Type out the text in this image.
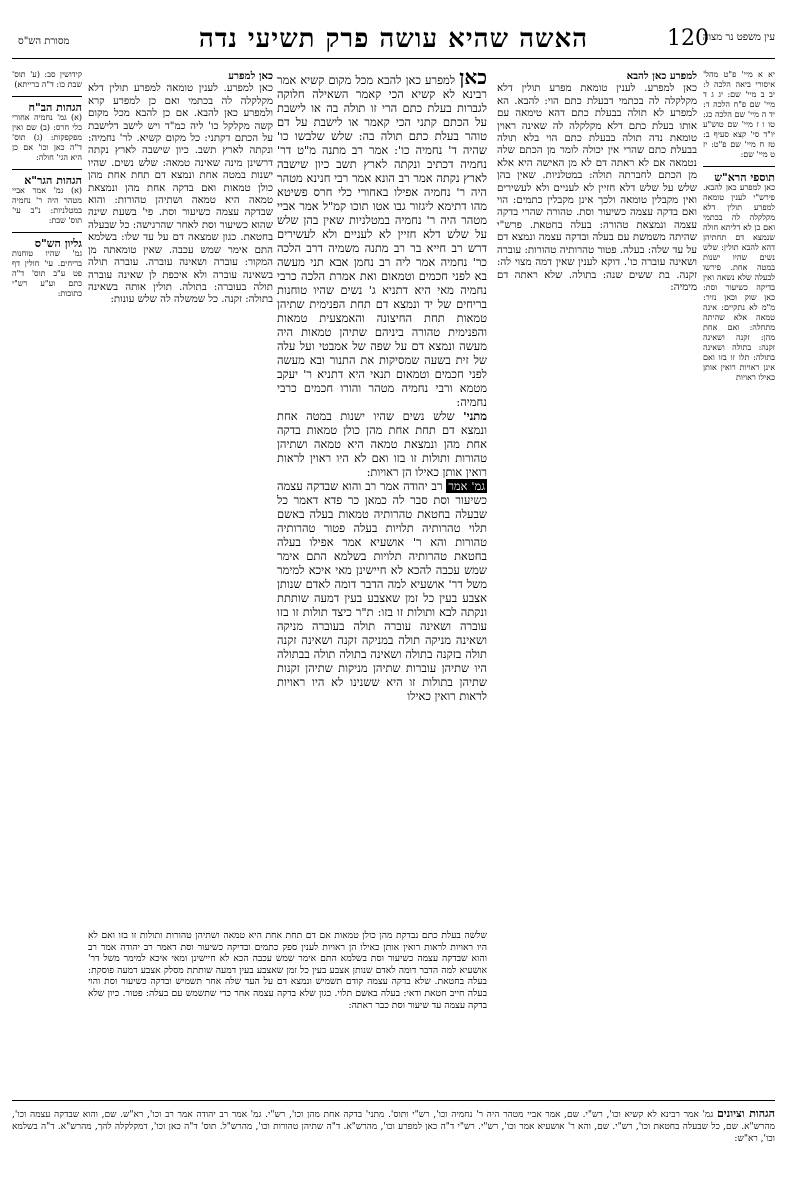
מסורת הש"ס	האשה שהיא עושה פרק תשיעי נדה	120
עין משפט נר מצוה

יא א מיי' פ"ט מהל' איסורי ביאה הלכה ל: יב ב מיי' שם: יג ג ד מיי' שם פ"ח הלכה ד: יד ה מיי' שם הלכה כג: טו ו ז מיי' שם טוש"ע יו"ד סי' קצא סעיף ב: טז ח מיי' שם פ"ט: יז ט מיי' שם:

תוספי הרא"ש

כאן למפרע כאן להבא. פירש"י לענין טומאה למפרע תולין דלא מקלקלה לה בכתמי ואם כן לא דליתא חולה שנמצא דם תחתיהן דהא להבא תולין: שלש נשים שהיו ישנות במטה אחת. פירשו לבעלה שלא נשאה ואין בדיקה כשיעור וסת: כאן שוק וכאן נזיר: מ"מ לא נתקיים: אינה טמאה אלא שהיתה מתחלה: ואם אחת מהן: זקנה ושאינה זקנה: בתולה ושאינה בתולה: תלו זו בזו ואם אינן ראויות רואין אותן כאילו ראויות

למפרע כאן להבא

כאן למפרע. לענין טומאת מפרע תולין דלא מקלקלה לה בכתמי דבעלת כתם הוי: להבא. הא למפרע לא תולה בבעלת כתם דהא טימאה עם אותו בעלת כתם דלא מקלקלה לה שאינה ראוין טומאת נדה תולה בבעלת כתם הוי בלא תולה בבעלת כתם שהרי אין יכולה לומר מן הכתם שלה נטמאה אם לא ראתה דם לא מן האישה היא אלא מן הכתם לחברתה תולה: במטלניות. שאין בהן שלש על שלש דלא חזיין לא לעניים ולא לעשירים ואין מקבלין טומאה ולכך אינן מקבלין כתמים: הוי ואם בדקה עצמה כשיעור וסת. טהורה שהרי בדקה עצמה ונמצאת טהורה: בעלה בחטאת. פרש"י שהיתה משמשת עם בעלה ובדקה עצמה ונמצא דם על עד שלה: בעלה. פטור טהרותיה טהורות: עוברה ושאינה עוברה כו'. דוקא לענין שאין דמה מצוי לה: זקנה. בת ששים שנה: בתולה. שלא ראתה דם מימיה:

כאן למפרע כאן להבא מכל מקום קשיא אמר רבינא לא קשיא הכי קאמר השאילה חלוקה לגברות בעלת כתם הרי זו תולה בה או לישבת על הכתם קתני הכי קאמר או לישבת על דם טוהר בעלת כתם תולה בה: שלש שלבשו כו' שהיה ד' נחמיה כו': אמר רב מתנה מ"ט דר' נחמיה דכתיב ונקתה לארץ תשב כיון שישבה לארץ נקתה אמר רב הונא אמר רבי חנינא מטהר היה ר' נחמיה אפילו באחורי כלי חרס פשיטא מהו דתימא ליגזור גבו אטו תוכו קמ"ל אמר אביי מטהר היה ר' נחמיה במטלניות שאין בהן שלש על שלש דלא חזיין לא לעניים ולא לעשירים דרש רב חייא בר רב מתנה משמיה דרב הלכה כר' נחמיה אמר ליה רב נחמן אבא תני מעשה בא לפני חכמים וטמאום ואת אמרת הלכה כרבי נחמיה מאי היא דתניא ג' נשים שהיו טוחנות בריחים של יד ונמצא דם תחת הפנימית שתיהן טמאות תחת החיצונה והאמצעית טמאות והפנימית טהורה ביניהם שתיהן טמאות היה מעשה ונמצא דם על שפה של אמבטי ועל עלה של זית בשעה שמסיקות את התנור ובא מעשה לפני חכמים וטמאום תנאי היא דתניא ר' יעקב מטמא ורבי נחמיה מטהר והורו חכמים כרבי נחמיה:

מתני' שלש נשים שהיו ישנות במטה אחת ונמצא דם תחת אחת מהן כולן טמאות בדקה אחת מהן ונמצאת טמאה היא טמאה ושתיהן טהורות ותולות זו בזו ואם לא היו ראוין לראות רואין אותן כאילו הן ראויות:

גמ' אמר רב יהודה אמר רב והוא שבדקה עצמה כשיעור וסת סבר לה כמאן כר פדא דאמר כל שבעלה בחטאת טהרותיה טמאות בעלה באשם תלוי טהרותיה תלויות בעלה פטור טהרותיה טהורות והא ר' אושעיא אמר אפילו בעלה בחטאת טהרותיה תלויות בשלמא התם אימר שמש עכבה להכא לא חיישינן מאי איכא למימר משל דר' אושעיא למה הדבר דומה לאדם שנותן אצבע בעין כל זמן שאצבע בעין דמעה שותתת ונקתה לבא ותולות זו בזו: ת"ר כיצד תולות זו בזו עוברה ושאינה עוברה תולה בעוברה מניקה ושאינה מניקה תולה במניקה זקנה ושאינה זקנה תולה בזקנה בתולה ושאינה בתולה תולה בבתולה היו שתיהן עוברות שתיהן מניקות שתיהן זקנות שתיהן בתולות זו היא ששנינו לא היו ראויות לראות רואין כאילו

כאן למפרע

כאן למפרע. לענין טומאה למפרע תולין דלא מקלקלה לה בכתמי ואם כן למפרע קרא ולמפרע כאן להבא. אם כן להבא מכל מקום קשה מקלקל כו' ליה כמ"ד ויש לישב דלישבת על הכתם דקתני: כל מקום קשיא. לר' נחמיה: ונקתה לארץ תשב. כיון שישבה לארץ נקתה דרשינן מינה שאינה טמאה: שלש נשים. שהיו ישנות במטה אחת ונמצא דם תחת אחת מהן כולן טמאות ואם בדקה אחת מהן ונמצאת טמאה היא טמאה ושתיהן טהורות: והוא שבדקה עצמה כשיעור וסת. פי' בשעת שינה שהוא כשיעור וסת לאחר שהרגישה: כל שבעלה בחטאת. כגון שמצאה דם על עד שלו: בשלמא התם אימר שמש עכבה. שאין טומאתה מן המקור: עוברה ושאינה עוברה. עוברה תולה בשאינה עוברה ולא איכפת לן שאינה עוברה תולה בעוברה: בתולה. תולין אותה בשאינה בתולה: זקנה. כל שמשלה לה שלש עונות:

קידושין סב: (ע' תוס' שבת כו: ד"ה ברייתא)

הגהות הב"ח

(א) גמ' נחמיה אחורי כלי חרס: (ב) שם ואין מפקפקות: (ג) תוס' ד"ה כאן וכו' אם כן היא הגי' חולה:

הגהות הגר"א

(א) גמ' אמר אביי מטהר היה ר' נחמיה במטלניות: נ"ב עי' תוס' שבת:

גליון הש"ס

גמ' שהיו טוחנות בריחים. עי' חולין דף פט ע"ב תוס' ד"ה כתם וע"ע רש"י כתובות:

שלשה בעלת כתם נבדקת מהן כולן טמאות אם דם תחת אחת היא טמאה ושתיהן טהורות ותולות זו בזו ואם לא היו ראויות לראות רואין אותן כאילו הן ראויות לענין ספק כתמים ובדיקה כשיעור וסת דאמר רב יהודה אמר רב והוא שבדקה עצמה כשיעור וסת בשלמא התם אימר שמש עכבה הכא לא חיישינן ומאי איכא למימר משל דר' אושעיא למה הדבר דומה לאדם שנותן אצבע בעין כל זמן שאצבע בעין דמעה שותתת מסלק אצבע דמעה פוסקת: בעלה בחטאת. שלא בדקה עצמה קודם תשמיש ונמצא דם על העד שלה אחר תשמיש ובדקה כשיעור וסת והוי בעלה חייב חטאת ודאי: בעלה באשם תלוי. כגון שלא בדקה עצמה אחר כדי שתשמש עם בעלה: פטור. כיון שלא בדקה עצמה עד שיעור וסת כבר ראתה:

הגהות וציונים גמ' אמר רבינא לא קשיא וכו', רש"י. שם, אמר אביי מטהר היה ר' נחמיה וכו', רש"י ותוס'. מתני' בדקה אחת מהן וכו', רש"י. גמ' אמר רב יהודה אמר רב וכו', רא"ש. שם, והוא שבדקה עצמה וכו', מהרש"א. שם, כל שבעלה בחטאת וכו', רש"י. שם, והא ר' אושעיא אמר וכו', רש"י. רש"י ד"ה כאן למפרע וכו', מהרש"א. ד"ה שתיהן טהורות וכו', מהרש"ל. תוס' ד"ה כאן וכו', דמקלקלה להך, מהרש"א. ד"ה בשלמא וכו', רא"ש:
